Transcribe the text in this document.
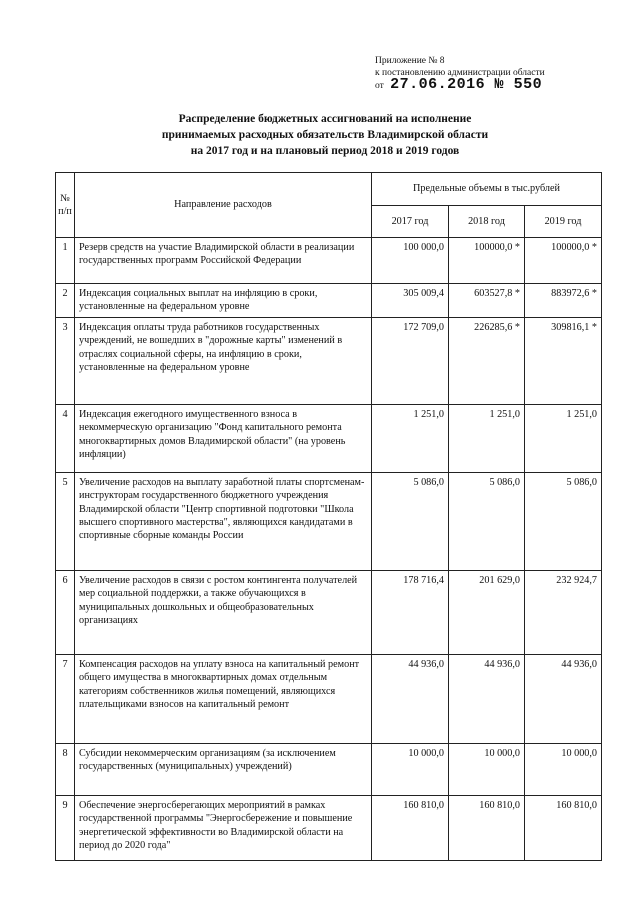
Приложение № 8
к постановлению администрации области
от 27.06.2016 № 550
Распределение бюджетных ассигнований на исполнение
принимаемых расходных обязательств Владимирской области
на 2017 год и на плановый период 2018 и 2019 годов
№ п/п	Направление расходов	Предельные объемы в тыс.рублей		
		2017 год	2018 год	2019 год
1	Резерв средств на участие Владимирской области в реализации государственных программ Российской Федерации	100 000,0	100000,0 *	100000,0 *
2	Индексация социальных выплат на инфляцию в сроки, установленные на федеральном уровне	305 009,4	603527,8 *	883972,6 *
3	Индексация оплаты труда работников государственных учреждений, не вошедших в "дорожные карты" изменений в отраслях социальной сферы, на инфляцию в сроки, установленные на федеральном уровне	172 709,0	226285,6 *	309816,1 *
4	Индексация ежегодного имущественного взноса в некоммерческую организацию "Фонд капитального ремонта многоквартирных домов Владимирской области" (на уровень инфляции)	1 251,0	1 251,0	1 251,0
5	Увеличение расходов на выплату заработной платы спортсменам-инструкторам государственного бюджетного учреждения Владимирской области "Центр спортивной подготовки "Школа высшего спортивного мастерства", являющихся кандидатами в спортивные сборные команды России	5 086,0	5 086,0	5 086,0
6	Увеличение расходов в связи с ростом контингента получателей мер социальной поддержки, а также обучающихся в муниципальных дошкольных и общеобразовательных организациях	178 716,4	201 629,0	232 924,7
7	Компенсация расходов на уплату взноса на капитальный ремонт общего имущества в многоквартирных домах отдельным категориям собственников жилья помещений, являющихся плательщиками взносов на капитальный ремонт	44 936,0	44 936,0	44 936,0
8	Субсидии некоммерческим организациям (за исключением государственных (муниципальных) учреждений)	10 000,0	10 000,0	10 000,0
9	Обеспечение энергосберегающих мероприятий в рамках государственной программы "Энергосбережение и повышение энергетической эффективности во Владимирской области на период до 2020 года"	160 810,0	160 810,0	160 810,0
